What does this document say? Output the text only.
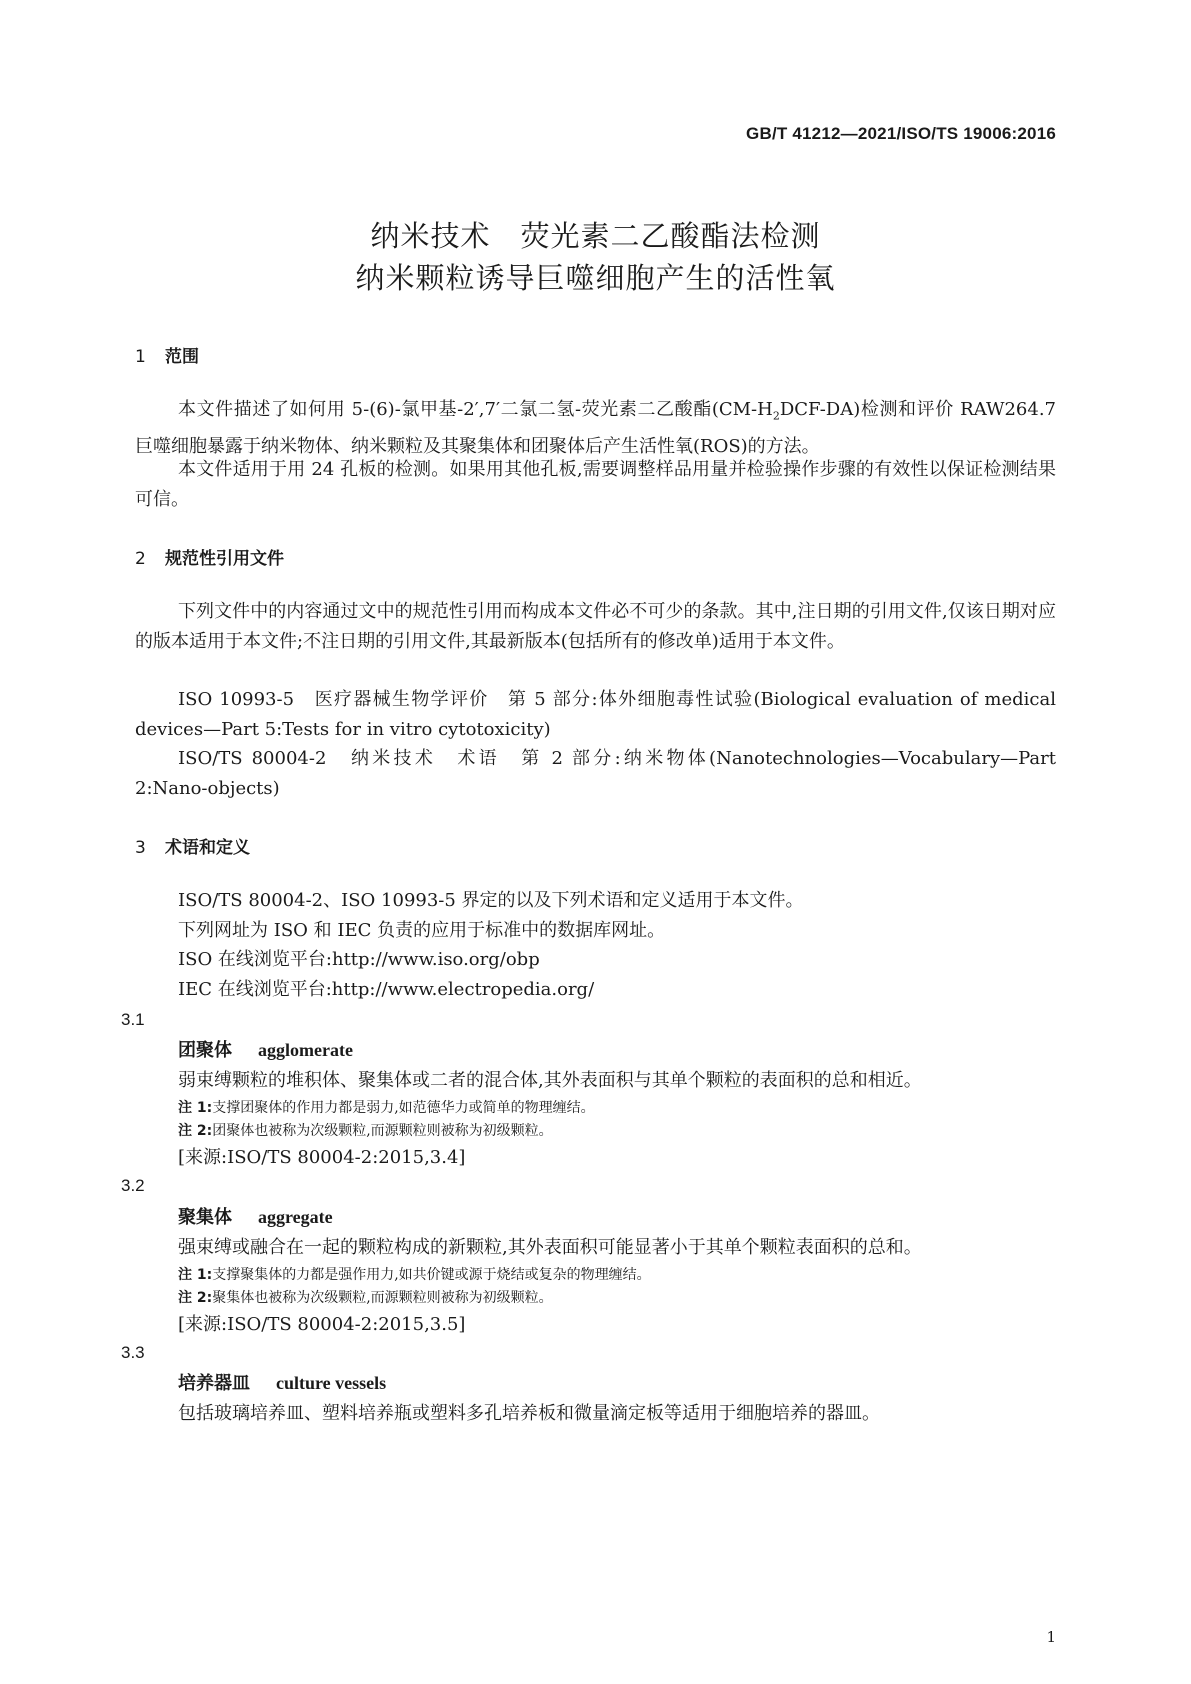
GB/T 41212—2021/ISO/TS 19006:2016
纳米技术　荧光素二乙酸酯法检测
纳米颗粒诱导巨噬细胞产生的活性氧
1 范围
本文件描述了如何用 5-(6)-氯甲基-2′,7′二氯二氢-荧光素二乙酸酯$(CM-H_2DCF-DA)$检测和评价 RAW264.7 巨噬细胞暴露于纳米物体、纳米颗粒及其聚集体和团聚体后产生活性氧(ROS)的方法。
本文件适用于用 24 孔板的检测。如果用其他孔板,需要调整样品用量并检验操作步骤的有效性以保证检测结果可信。
2 规范性引用文件
下列文件中的内容通过文中的规范性引用而构成本文件必不可少的条款。其中,注日期的引用文件,仅该日期对应的版本适用于本文件;不注日期的引用文件,其最新版本(包括所有的修改单)适用于本文件。
ISO 10993-5　医疗器械生物学评价　第 5 部分:体外细胞毒性试验(Biological evaluation of medical devices—Part 5:Tests for in vitro cytotoxicity)
ISO/TS 80004-2　纳米技术　术语　第 2 部分:纳米物体(Nanotechnologies—Vocabulary—Part 2:Nano-objects)
3 术语和定义
ISO/TS 80004-2、ISO 10993-5 界定的以及下列术语和定义适用于本文件。
下列网址为 ISO 和 IEC 负责的应用于标准中的数据库网址。
ISO 在线浏览平台:http://www.iso.org/obp
IEC 在线浏览平台:http://www.electropedia.org/
3.1
团聚体 agglomerate
弱束缚颗粒的堆积体、聚集体或二者的混合体,其外表面积与其单个颗粒的表面积的总和相近。
注 1:支撑团聚体的作用力都是弱力,如范德华力或简单的物理缠结。
注 2:团聚体也被称为次级颗粒,而源颗粒则被称为初级颗粒。
[来源:ISO/TS 80004-2:2015,3.4]
3.2
聚集体 aggregate
强束缚或融合在一起的颗粒构成的新颗粒,其外表面积可能显著小于其单个颗粒表面积的总和。
注 1:支撑聚集体的力都是强作用力,如共价键或源于烧结或复杂的物理缠结。
注 2:聚集体也被称为次级颗粒,而源颗粒则被称为初级颗粒。
[来源:ISO/TS 80004-2:2015,3.5]
3.3
培养器皿 culture vessels
包括玻璃培养皿、塑料培养瓶或塑料多孔培养板和微量滴定板等适用于细胞培养的器皿。
1
